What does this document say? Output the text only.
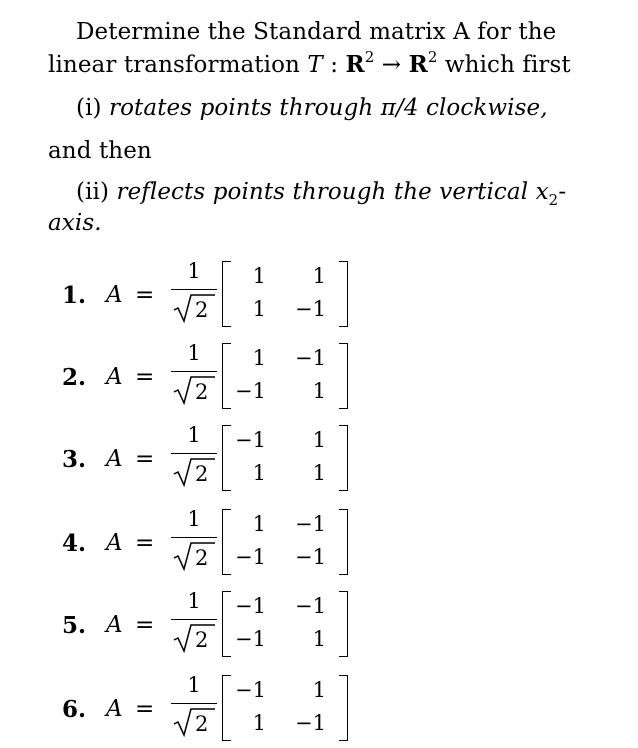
Determine the Standard matrix A for the
linear transformation T : $R^2 \to R^2$ which first
(i) rotates points through π/4 clockwise,
and then
(ii) reflects points through the vertical $x_2-$
axis.
1. A =
1
2
1	1
1 −1
2. A =
1
2
1 −1
−1	1
3. A =
1
2
−1	1
1	1
4. A =
1
2
1 −1
−1 −1
5. A =
1
2
−1 −1
−1	1
6. A =
1
2
−1	1
1 −1
